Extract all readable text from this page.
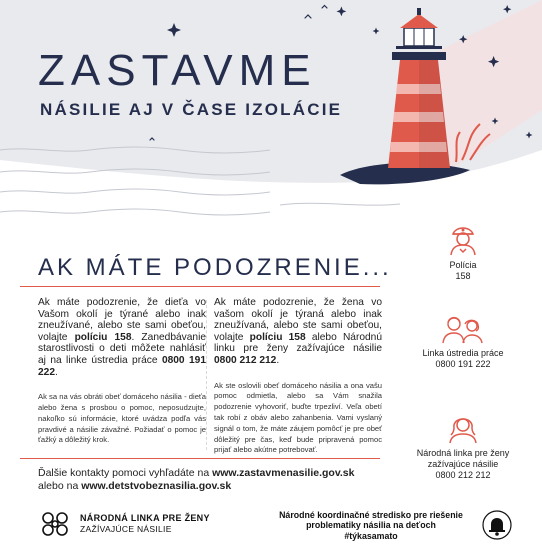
ZASTAVME
NÁSILIE AJ V ČASE IZOLÁCIE
AK MÁTE PODOZRENIE...

Ak máte podozrenie, že dieťa vo Vašom okolí je týrané alebo inak zneužívané, alebo ste sami obeťou, volajte políciu 158. Zanedbávanie starostlivosti o deti môžete nahlásiť aj na linke ústredia práce 0800 191 222.

Ak sa na vás obráti obeť domáceho násilia - dieťa alebo žena s prosbou o pomoc, neposudzujte, nakoľko sú informácie, ktoré uvádza podľa vás pravdivé a násilie závažné. Požiadať o pomoc je ťažký a dôležitý krok.

Ak máte podozrenie, že žena vo vašom okolí je týraná alebo inak zneužívaná, alebo ste sami obeťou, volajte políciu 158 alebo Národnú linku pre ženy zažívajúce násilie 0800 212 212.

Ak ste oslovili obeť domáceho násilia a ona vašu pomoc odmietla, alebo sa Vám snažila podozrenie vyhovoriť, buďte trpezliví. Veľa obetí tak robí z obáv alebo zahanbenia. Vami vyslaný signál o tom, že máte záujem pomôcť je pre obeť dôležitý pre čas, keď bude pripravená pomoc prijať alebo akútne potrebovať.

Ďalšie kontakty pomoci vyhľadáte na www.zastavmenasilie.gov.sk
alebo na www.detstvobeznasilia.gov.sk
Polícia
158
Linka ústredia práce
0800 191 222
Národná linka pre ženy
zažívajúce násilie
0800 212 212
NÁRODNÁ LINKA PRE ŽENY
ZAŽÍVAJÚCE NÁSILIE
Národné koordinačné stredisko pre riešenie
problematiky násilia na deťoch
#týkasamato
